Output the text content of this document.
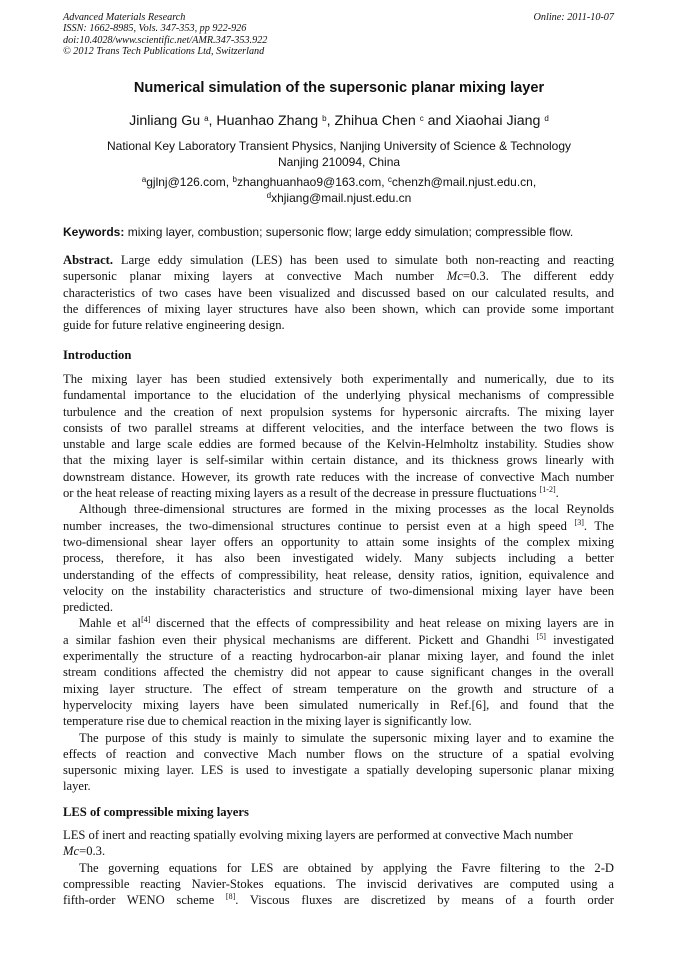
Advanced Materials Research
ISSN: 1662-8985, Vols. 347-353, pp 922-926
doi:10.4028/www.scientific.net/AMR.347-353.922
© 2012 Trans Tech Publications Ltd, Switzerland
Online: 2011-10-07
Numerical simulation of the supersonic planar mixing layer
Jinliang Gu $^a$, Huanhao Zhang $^b$, Zhihua Chen $^c$ and Xiaohai Jiang $^d$
National Key Laboratory Transient Physics, Nanjing University of Science & Technology
Nanjing 210094, China
$^a$gjlnj@126.com, $^b$zhanghuanhao9@163.com, $^c$chenzh@mail.njust.edu.cn,
$^d$xhjiang@mail.njust.edu.cn
Keywords: mixing layer, combustion; supersonic flow; large eddy simulation; compressible flow.
Abstract. Large eddy simulation (LES) has been used to simulate both non-reacting and reacting
supersonic planar mixing layers at convective Mach number Mc=0.3. The different eddy
characteristics of two cases have been visualized and discussed based on our calculated results, and
the differences of mixing layer structures have also been shown, which can provide some important
guide for future relative engineering design.
Introduction
The mixing layer has been studied extensively both experimentally and numerically, due to its
fundamental importance to the elucidation of the underlying physical mechanisms of compressible
turbulence and the creation of next propulsion systems for hypersonic aircrafts. The mixing layer
consists of two parallel streams at different velocities, and the interface between the two flows is
unstable and large scale eddies are formed because of the Kelvin-Helmholtz instability. Studies show
that the mixing layer is self-similar within certain distance, and its thickness grows linearly with
downstream distance. However, its growth rate reduces with the increase of convective Mach number
or the heat release of reacting mixing layers as a result of the decrease in pressure fluctuations [1-2].
Although three-dimensional structures are formed in the mixing processes as the local Reynolds
number increases, the two-dimensional structures continue to persist even at a high speed [3]. The
two-dimensional shear layer offers an opportunity to attain some insights of the complex mixing
process, therefore, it has also been investigated widely. Many subjects including a better
understanding of the effects of compressibility, heat release, density ratios, ignition, equivalence and
velocity on the instability characteristics and structure of two-dimensional mixing layer have been
predicted.
Mahle et al[4] discerned that the effects of compressibility and heat release on mixing layers are in
a similar fashion even their physical mechanisms are different. Pickett and Ghandhi [5] investigated
experimentally the structure of a reacting hydrocarbon-air planar mixing layer, and found the inlet
stream conditions affected the chemistry did not appear to cause significant changes in the overall
mixing layer structure. The effect of stream temperature on the growth and structure of a
hypervelocity mixing layers have been simulated numerically in Ref.[6], and found that the
temperature rise due to chemical reaction in the mixing layer is significantly low.
The purpose of this study is mainly to simulate the supersonic mixing layer and to examine the
effects of reaction and convective Mach number flows on the structure of a spatial evolving
supersonic mixing layer. LES is used to investigate a spatially developing supersonic planar mixing
layer.
LES of compressible mixing layers
LES of inert and reacting spatially evolving mixing layers are performed at convective Mach number
Mc=0.3.
The governing equations for LES are obtained by applying the Favre filtering to the 2-D
compressible reacting Navier-Stokes equations. The inviscid derivatives are computed using a
fifth-order WENO scheme [8]. Viscous fluxes are discretized by means of a fourth order
